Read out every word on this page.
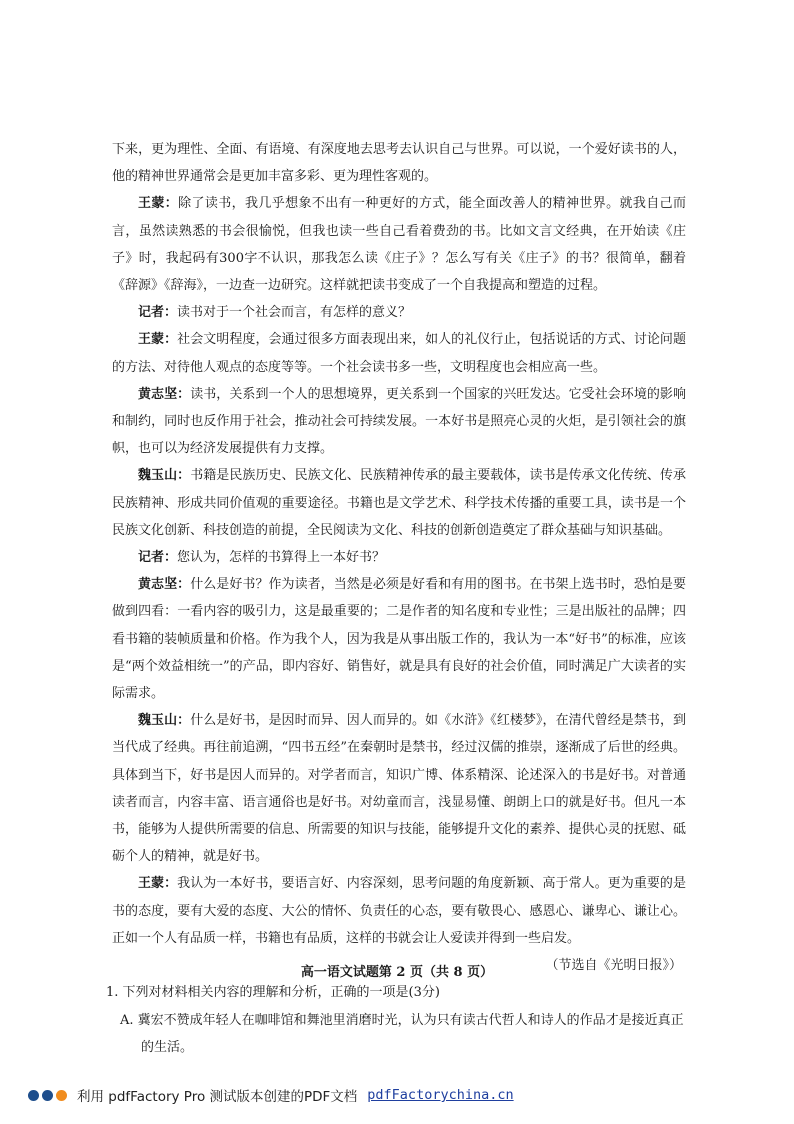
下来，更为理性、全面、有语境、有深度地去思考去认识自己与世界。可以说，一个爱好读书的人，他的精神世界通常会是更加丰富多彩、更为理性客观的。

王蒙：除了读书，我几乎想象不出有一种更好的方式，能全面改善人的精神世界。就我自己而言，虽然读熟悉的书会很愉悦，但我也读一些自己看着费劲的书。比如文言文经典，在开始读《庄子》时，我起码有300字不认识，那我怎么读《庄子》？怎么写有关《庄子》的书？很简单，翻着《辞源》《辞海》，一边查一边研究。这样就把读书变成了一个自我提高和塑造的过程。

记者：读书对于一个社会而言，有怎样的意义？

王蒙：社会文明程度，会通过很多方面表现出来，如人的礼仪行止，包括说话的方式、讨论问题的方法、对待他人观点的态度等等。一个社会读书多一些，文明程度也会相应高一些。

黄志坚：读书，关系到一个人的思想境界，更关系到一个国家的兴旺发达。它受社会环境的影响和制约，同时也反作用于社会，推动社会可持续发展。一本好书是照亮心灵的火炬，是引领社会的旗帜，也可以为经济发展提供有力支撑。

魏玉山：书籍是民族历史、民族文化、民族精神传承的最主要载体，读书是传承文化传统、传承民族精神、形成共同价值观的重要途径。书籍也是文学艺术、科学技术传播的重要工具，读书是一个民族文化创新、科技创造的前提，全民阅读为文化、科技的创新创造奠定了群众基础与知识基础。

记者：您认为，怎样的书算得上一本好书？

黄志坚：什么是好书？作为读者，当然是必须是好看和有用的图书。在书架上选书时，恐怕是要做到四看：一看内容的吸引力，这是最重要的；二是作者的知名度和专业性；三是出版社的品牌；四看书籍的装帧质量和价格。作为我个人，因为我是从事出版工作的，我认为一本“好书”的标准，应该是“两个效益相统一”的产品，即内容好、销售好，就是具有良好的社会价值，同时满足广大读者的实际需求。

魏玉山：什么是好书，是因时而异、因人而异的。如《水浒》《红楼梦》，在清代曾经是禁书，到当代成了经典。再往前追溯，“四书五经”在秦朝时是禁书，经过汉儒的推崇，逐渐成了后世的经典。具体到当下，好书是因人而异的。对学者而言，知识广博、体系精深、论述深入的书是好书。对普通读者而言，内容丰富、语言通俗也是好书。对幼童而言，浅显易懂、朗朗上口的就是好书。但凡一本书，能够为人提供所需要的信息、所需要的知识与技能，能够提升文化的素养、提供心灵的抚慰、砥砺个人的精神，就是好书。

王蒙：我认为一本好书，要语言好、内容深刻，思考问题的角度新颖、高于常人。更为重要的是书的态度，要有大爱的态度、大公的情怀、负责任的心态，要有敬畏心、感恩心、谦卑心、谦让心。正如一个人有品质一样，书籍也有品质，这样的书就会让人爱读并得到一些启发。

（节选自《光明日报》）

1. 下列对材料相关内容的理解和分析，正确的一项是(3分)

A. 冀宏不赞成年轻人在咖啡馆和舞池里消磨时光，认为只有读古代哲人和诗人的作品才是接近真正的生活。

高一语文试题第 2 页（共 8 页）
利用 pdfFactory Pro 测试版本创建的PDF文档 pdfFactorychina.cn
